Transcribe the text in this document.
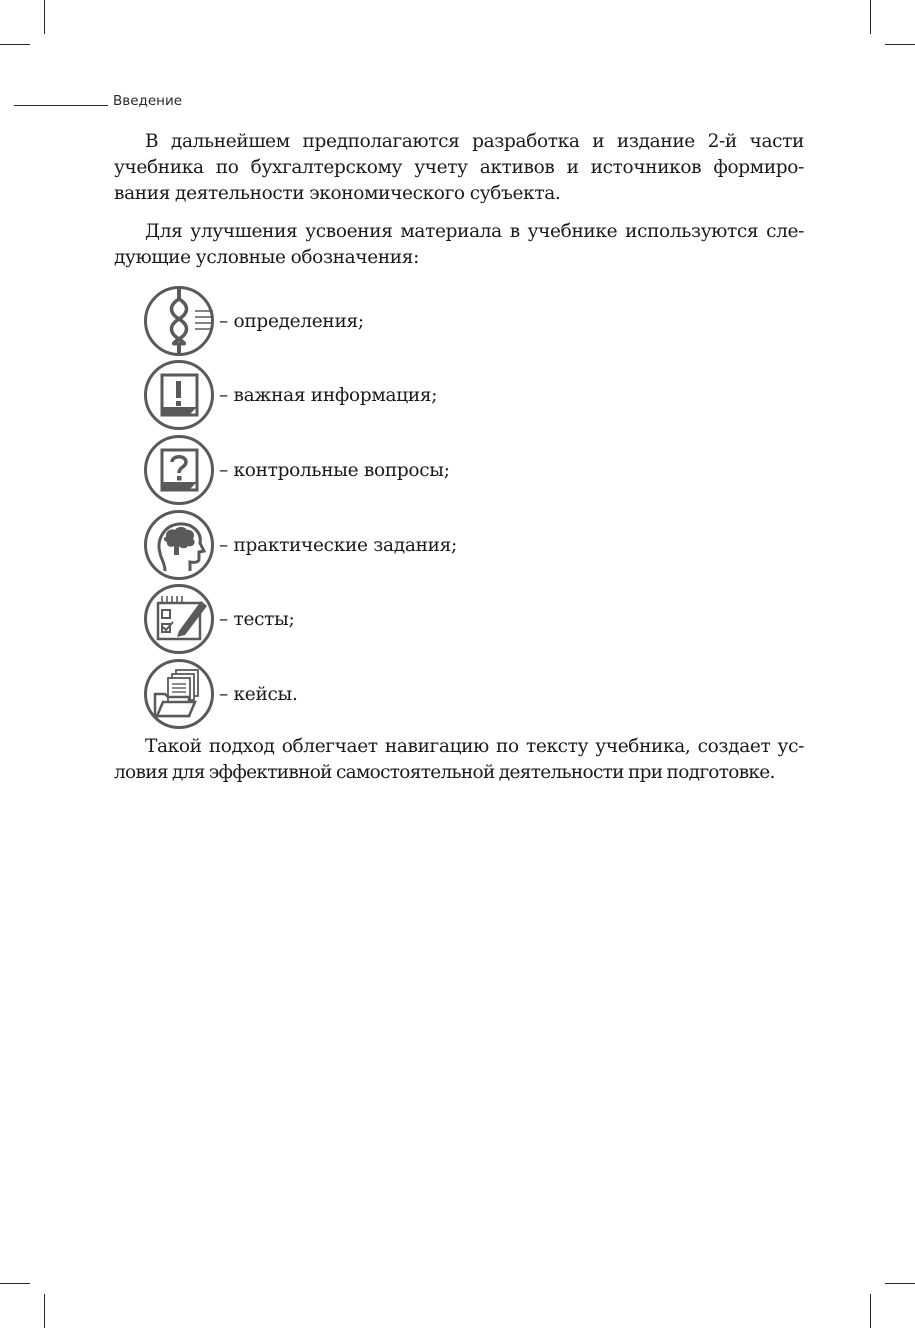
Введение

В дальнейшем предполагаются разработка и издание 2-й части
учебника по бухгалтерскому учету активов и источников формиро-
вания деятельности экономического субъекта.

Для улучшения усвоения материала в учебнике используются сле-
дующие условные обозначения:

– определения;
– важная информация;
– контрольные вопросы;
– практические задания;
– тесты;
– кейсы.

Такой подход облегчает навигацию по тексту учебника, создает ус-
ловия для эффективной самостоятельной деятельности при подготовке.
